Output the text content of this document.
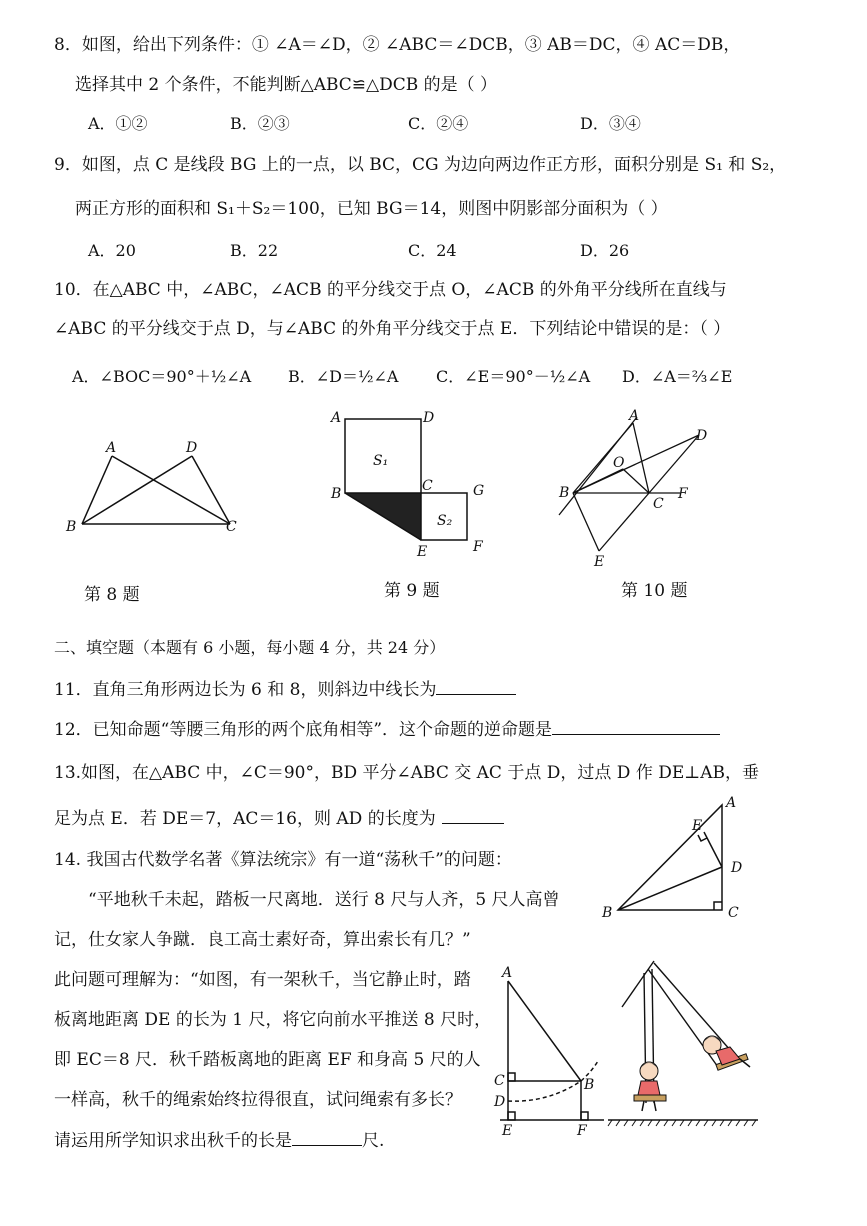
8．如图，给出下列条件：① ∠A＝∠D，② ∠ABC＝∠DCB，③ AB＝DC，④ AC＝DB，
选择其中 2 个条件，不能判断△ABC≌△DCB 的是（ ）
A．①②	B．②③	C．②④	D．③④
9．如图，点 C 是线段 BG 上的一点，以 BC，CG 为边向两边作正方形，面积分别是 S₁ 和 S₂，
两正方形的面积和 S₁＋S₂＝100，已知 BG＝14，则图中阴影部分面积为（ ）
A．20	B．22	C．24	D．26
10．在△ABC 中，∠ABC，∠ACB 的平分线交于点 O，∠ACB 的外角平分线所在直线与
∠ABC 的平分线交于点 D，与∠ABC 的外角平分线交于点 E．下列结论中错误的是：（ ）
A．∠BOC＝90°＋½∠A B．∠D＝½∠A C．∠E＝90°－½∠A D．∠A＝⅔∠E
A	D
B	C
第 8 题
A	D
B	C	G
E	F
S₁
S₂
第 9 题
A
D
O
B
C
F
E
第 10 题
二、填空题（本题有 6 小题，每小题 4 分，共 24 分）
11．直角三角形两边长为 6 和 8，则斜边中线长为
12．已知命题“等腰三角形的两个底角相等”．这个命题的逆命题是
13.如图，在△ABC 中，∠C＝90°，BD 平分∠ABC 交 AC 于点 D，过点 D 作 DE⊥AB，垂
足为点 E．若 DE＝7，AC＝16，则 AD 的长度为
A
E
D
B	C
14. 我国古代数学名著《算法统宗》有一道“荡秋千”的问题：
“平地秋千未起，踏板一尺离地．送行 8 尺与人齐，5 尺人高曾
记，仕女家人争蹴．良工高士素好奇，算出索长有几？”
此问题可理解为：“如图，有一架秋千，当它静止时，踏
板离地距离 DE 的长为 1 尺，将它向前水平推送 8 尺时，
即 EC＝8 尺．秋千踏板离地的距离 EF 和身高 5 尺的人
一样高，秋千的绳索始终拉得很直，试问绳索有多长？
请运用所学知识求出秋千的长是	尺.
A
C	B
D
E	F
